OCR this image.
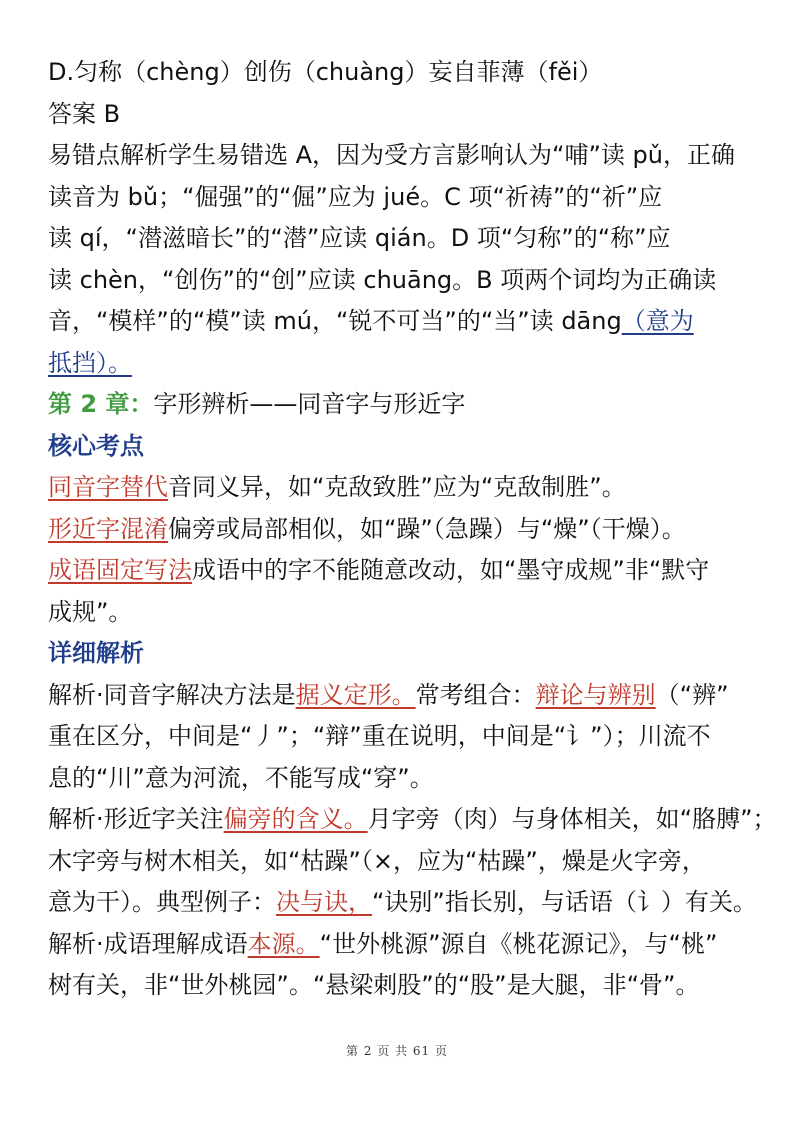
D.匀称（chèng）创伤（chuàng）妄自菲薄（fěi）
答案 B
易错点解析学生易错选 A，因为受方言影响认为“哺”读 pǔ，正确
读音为 bǔ；“倔强”的“倔”应为 jué。C 项“祈祷”的“祈”应
读 qí，“潜滋暗长”的“潜”应读 qián。D 项“匀称”的“称”应
读 chèn，“创伤”的“创”应读 chuāng。B 项两个词均为正确读
音，“模样”的“模”读 mú，“锐不可当”的“当”读 dāng（意为
抵挡）。
第 2 章：字形辨析——同音字与形近字
核心考点
同音字替代音同义异，如“克敌致胜”应为“克敌制胜”。
形近字混淆偏旁或局部相似，如“躁”（急躁）与“燥”（干燥）。
成语固定写法成语中的字不能随意改动，如“墨守成规”非“默守
成规”。
详细解析
解析·同音字解决方法是据义定形。常考组合：辩论与辨别（“辨”
重在区分，中间是“丿”；“辩”重在说明，中间是“讠”）；川流不
息的“川”意为河流，不能写成“穿”。
解析·形近字关注偏旁的含义。月字旁（肉）与身体相关，如“胳膊”；
木字旁与树木相关，如“枯躁”（×，应为“枯躁”，燥是火字旁，
意为干）。典型例子：决与诀，“诀别”指长别，与话语（讠）有关。
解析·成语理解成语本源。“世外桃源”源自《桃花源记》，与“桃”
树有关，非“世外桃园”。“悬梁刺股”的“股”是大腿，非“骨”。
第 2 页 共 61 页
